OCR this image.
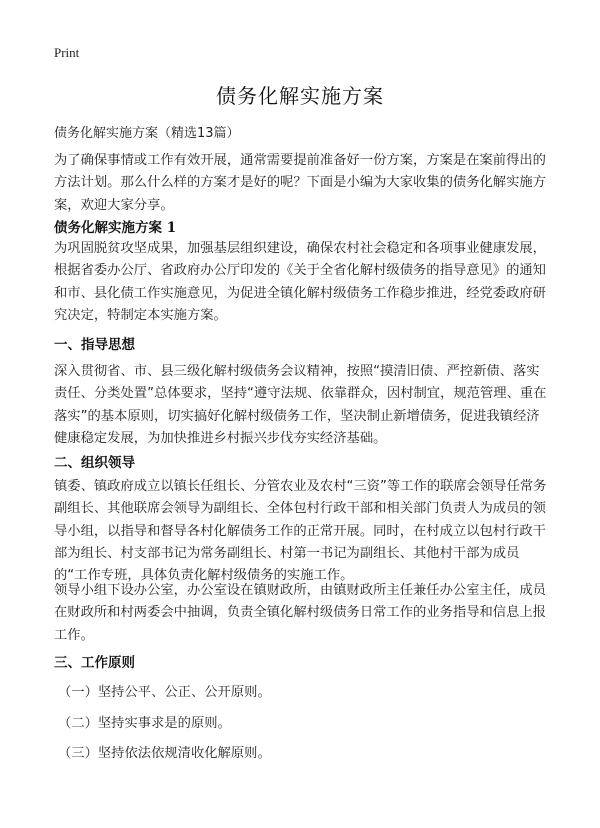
Print
债务化解实施方案
债务化解实施方案（精选13篇）

为了确保事情或工作有效开展，通常需要提前准备好一份方案，方案是在案前得出的方法计划。那么什么样的方案才是好的呢？下面是小编为大家收集的债务化解实施方案，欢迎大家分享。

债务化解实施方案 1

为巩固脱贫攻坚成果，加强基层组织建设，确保农村社会稳定和各项事业健康发展，根据省委办公厅、省政府办公厅印发的《关于全省化解村级债务的指导意见》的通知和市、县化债工作实施意见，为促进全镇化解村级债务工作稳步推进，经党委政府研究决定，特制定本实施方案。

一、指导思想

深入贯彻省、市、县三级化解村级债务会议精神，按照“摸清旧债、严控新债、落实责任、分类处置”总体要求，坚持“遵守法规、依靠群众，因村制宜，规范管理、重在落实”的基本原则，切实搞好化解村级债务工作，坚决制止新增债务，促进我镇经济健康稳定发展，为加快推进乡村振兴步伐夯实经济基础。

二、组织领导

镇委、镇政府成立以镇长任组长、分管农业及农村“三资”等工作的联席会领导任常务副组长、其他联席会领导为副组长、全体包村行政干部和相关部门负责人为成员的领导小组，以指导和督导各村化解债务工作的正常开展。同时，在村成立以包村行政干部为组长、村支部书记为常务副组长、村第一书记为副组长、其他村干部为成员的“工作专班，具体负责化解村级债务的实施工作。

领导小组下设办公室，办公室设在镇财政所，由镇财政所主任兼任办公室主任，成员在财政所和村两委会中抽调，负责全镇化解村级债务日常工作的业务指导和信息上报工作。

三、工作原则
（一）坚持公平、公正、公开原则。
（二）坚持实事求是的原则。
（三）坚持依法依规清收化解原则。
